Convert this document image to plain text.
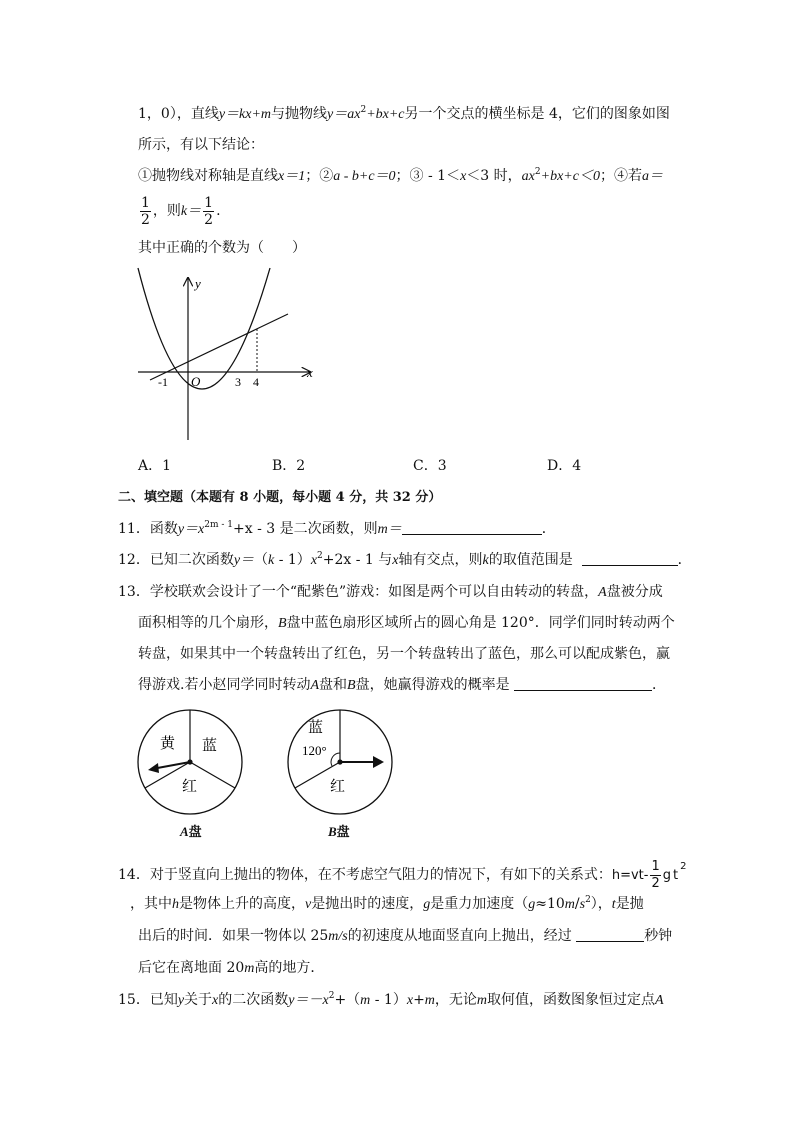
1，0），直线y＝kx+m与抛物线$y=ax^2+bx+c$另一个交点的横坐标是 4，它们的图象如图
所示，有以下结论：
①抛物线对称轴是直线x＝1；②a - b+c＝0；③ - 1＜x＜3 时，$ax^2+bx+c<0$；④若a＝
$\frac{1}{2}$ ，则$k= \frac{1}{2}$ .
其中正确的个数为（　　）
y
x
O
-1	3 4
A．1	B．2	C．3	D．4
二、填空题（本题有 8 小题，每小题 4 分，共 32 分）
11．函数$y=x^{2m - 1}+x - 3$ 是二次函数，则m＝	．
12．已知二次函数$y=(k - 1)x^2+2x - 1$ 与x轴有交点，则k的取值范围是	．
13．学校联欢会设计了一个“配紫色”游戏：如图是两个可以自由转动的转盘，A盘被分成
面积相等的几个扇形，B盘中蓝色扇形区域所占的圆心角是 120°．同学们同时转动两个
转盘，如果其中一个转盘转出了红色，另一个转盘转出了蓝色，那么可以配成紫色，赢
得游戏.若小赵同学同时转动A盘和B盘，她赢得游戏的概率是	．
黄 蓝
红
A盘
蓝
120°
红
B盘
14．对于竖直向上抛出的物体，在不考虑空气阻力的情况下，有如下的关系式：$h=vt- \frac{1}{2} gt^2$
，其中h是物体上升的高度，v是抛出时的速度，g是重力加速度$(g\approx 10m/s^2)$，t是抛
出后的时间．如果一物体以 25m/s的初速度从地面竖直向上抛出，经过	秒钟
后它在离地面 20m高的地方．
15．已知y关于x的二次函数$y=-x^2+(m - 1)x+m$，无论m取何值，函数图象恒过定点A
